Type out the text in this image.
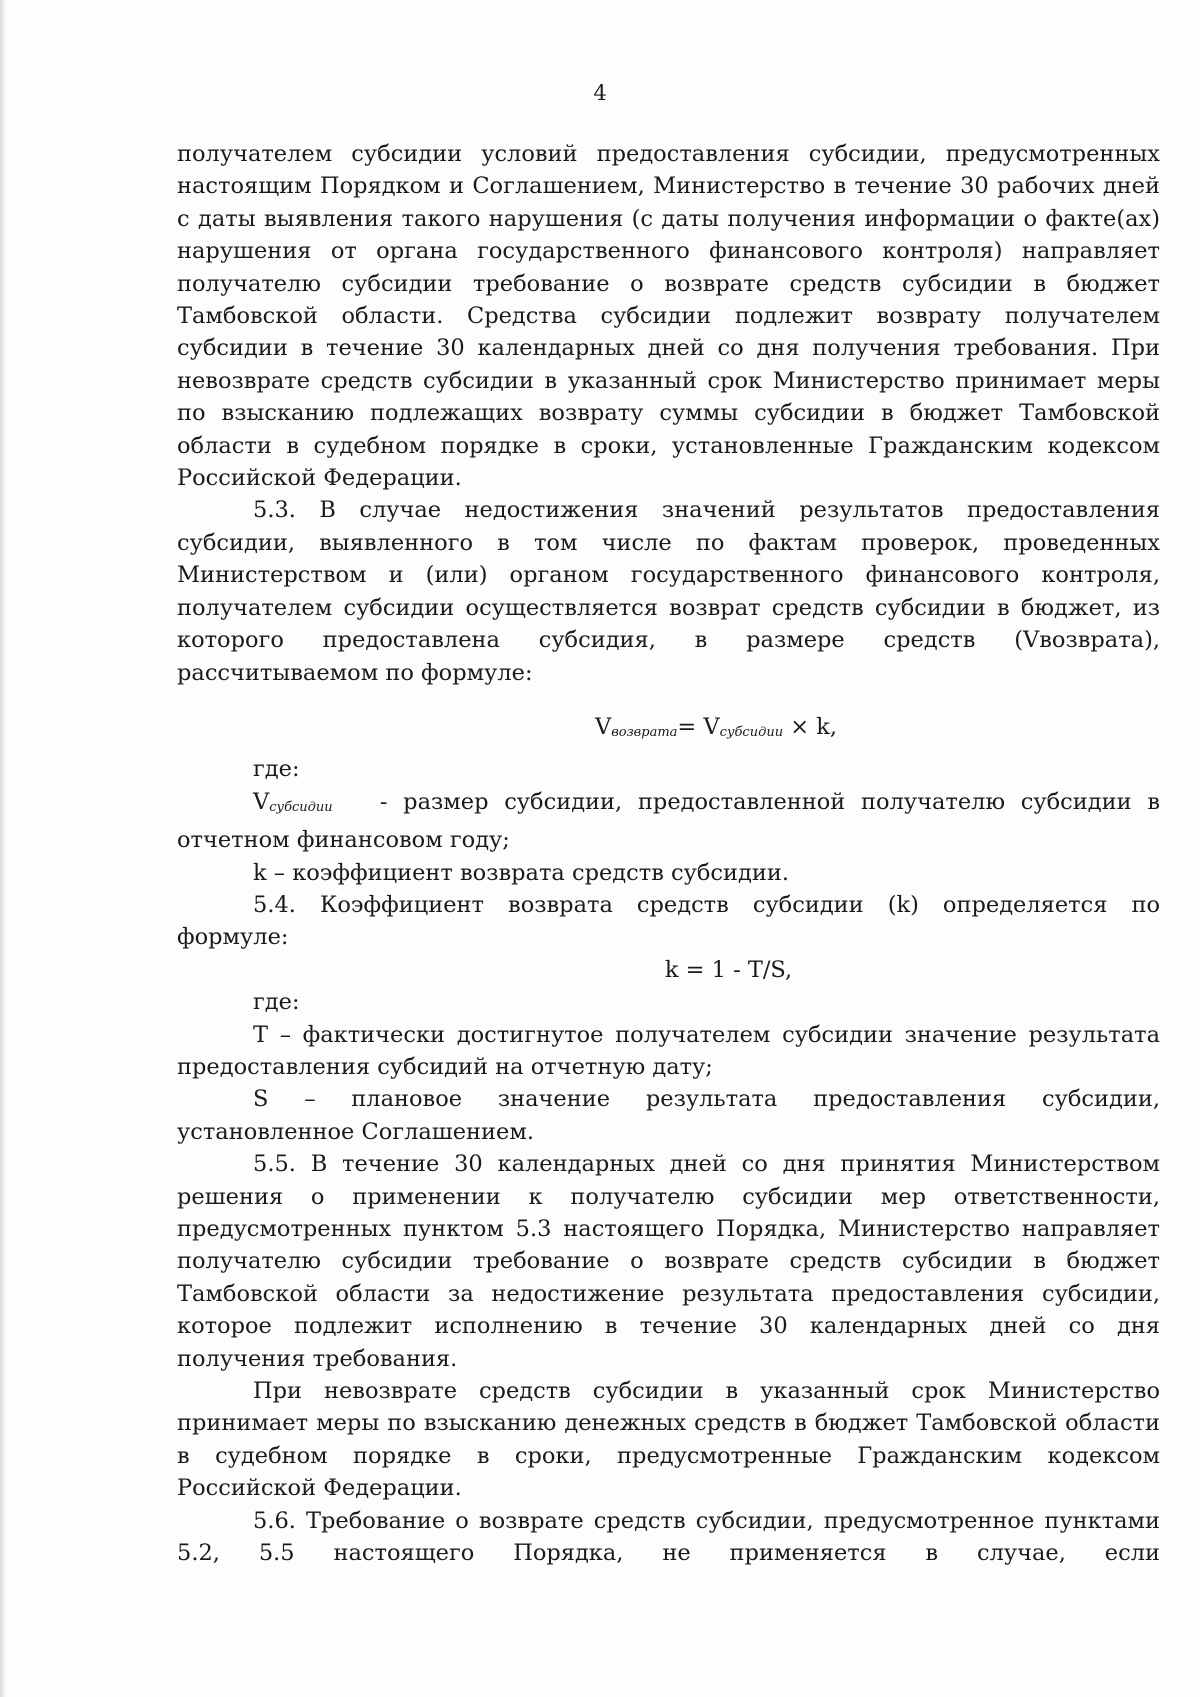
4

получателем субсидии условий предоставления субсидии, предусмотренных настоящим Порядком и Соглашением, Министерство в течение 30 рабочих дней с даты выявления такого нарушения (с даты получения информации о факте(ах) нарушения от органа государственного финансового контроля) направляет получателю субсидии требование о возврате средств субсидии в бюджет Тамбовской области. Средства субсидии подлежит возврату получателем субсидии в течение 30 календарных дней со дня получения требования. При невозврате средств субсидии в указанный срок Министерство принимает меры по взысканию подлежащих возврату суммы субсидии в бюджет Тамбовской области в судебном порядке в сроки, установленные Гражданским кодексом Российской Федерации.

5.3. В случае недостижения значений результатов предоставления субсидии, выявленного в том числе по фактам проверок, проведенных Министерством и (или) органом государственного финансового контроля, получателем субсидии осуществляется возврат средств субсидии в бюджет, из которого предоставлена субсидия, в размере средств (Vвозврата), рассчитываемом по формуле:

Vвозврата= Vсубсидии × k,

где:

Vсубсидии - размер субсидии, предоставленной получателю субсидии в отчетном финансовом году;

k – коэффициент возврата средств субсидии.

5.4. Коэффициент возврата средств субсидии (k) определяется по формуле:

k = 1 - T/S,

где:

Т – фактически достигнутое получателем субсидии значение результата предоставления субсидий на отчетную дату;

S – плановое значение результата предоставления субсидии, установленное Соглашением.

5.5. В течение 30 календарных дней со дня принятия Министерством решения о применении к получателю субсидии мер ответственности, предусмотренных пунктом 5.3 настоящего Порядка, Министерство направляет получателю субсидии требование о возврате средств субсидии в бюджет Тамбовской области за недостижение результата предоставления субсидии, которое подлежит исполнению в течение 30 календарных дней со дня получения требования.

При невозврате средств субсидии в указанный срок Министерство принимает меры по взысканию денежных средств в бюджет Тамбовской области в судебном порядке в сроки, предусмотренные Гражданским кодексом Российской Федерации.

5.6. Требование о возврате средств субсидии, предусмотренное пунктами 5.2, 5.5 настоящего Порядка, не применяется в случае, если
